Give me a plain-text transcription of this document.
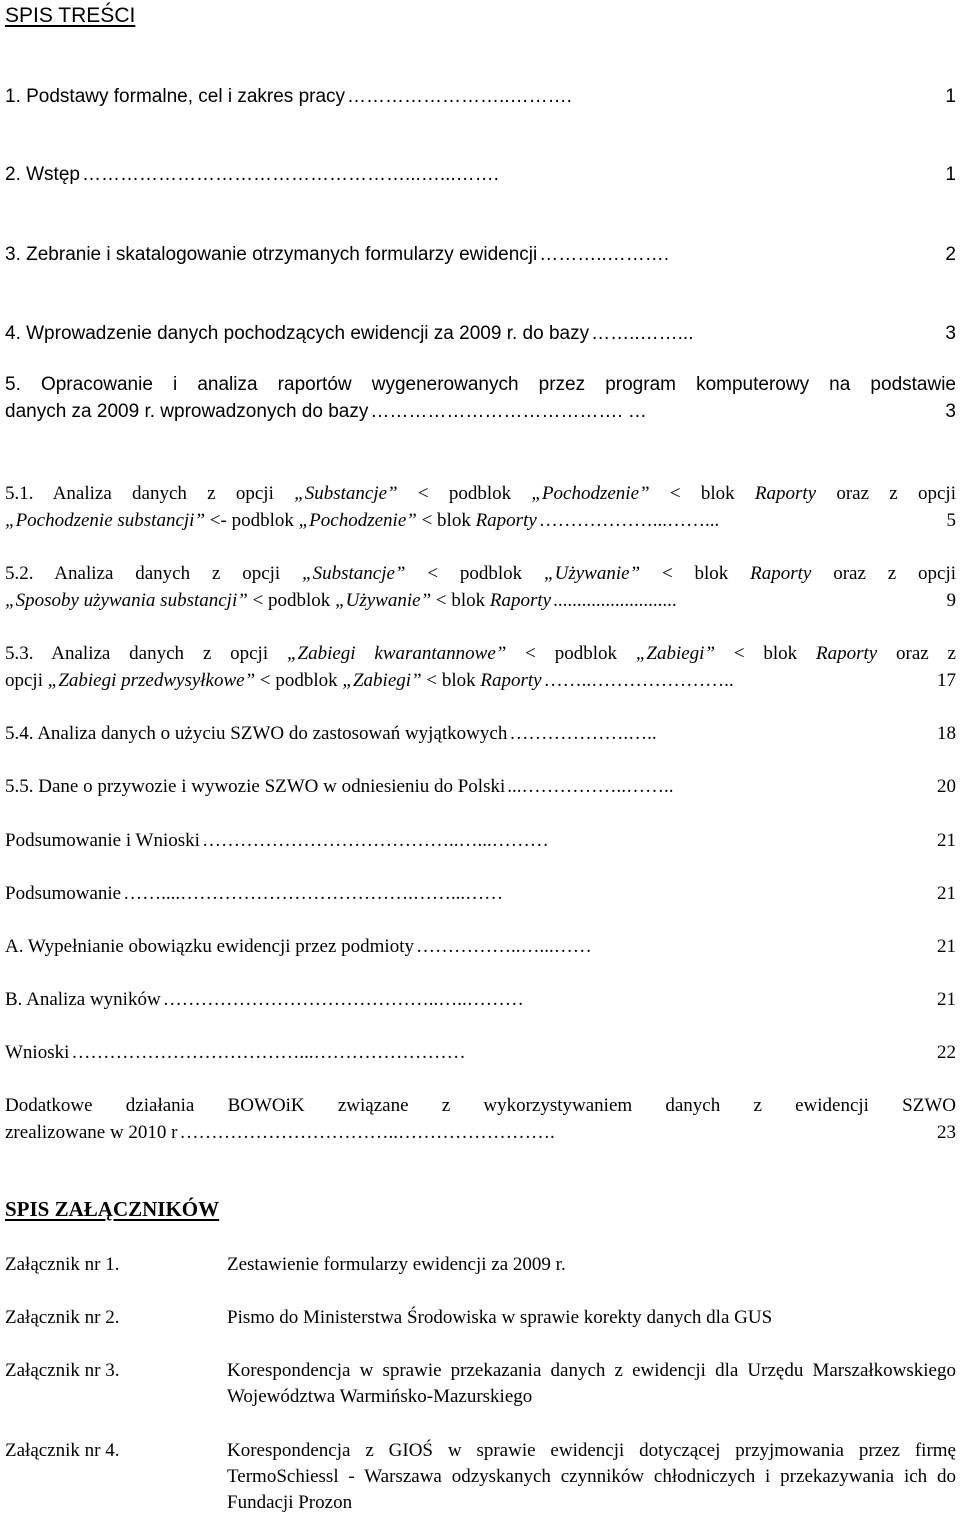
SPIS TREŚCI
1. Podstawy formalne, cel i zakres pracy ……………………..……….	1
2. Wstęp ……………………………………………...…...…….	1
3. Zebranie i skatalogowanie otrzymanych formularzy ewidencji ………..……….	2
4. Wprowadzenie danych pochodzących ewidencji za 2009 r. do bazy ……..……...	3
5. Opracowanie i analiza raportów wygenerowanych przez program komputerowy na podstawie
danych za 2009 r. wprowadzonych do bazy …………………………………. …	3
5.1. Analiza danych z opcji „Substancje” < podblok „Pochodzenie” < blok Raporty oraz z opcji
„Pochodzenie substancji” <- podblok „Pochodzenie” < blok Raporty ………………...……...	5
5.2. Analiza danych z opcji „Substancje” < podblok „Używanie” < blok Raporty oraz z opcji
„Sposoby używania substancji” < podblok „Używanie” < blok Raporty ..........................	9
5.3. Analiza danych z opcji „Zabiegi kwarantannowe” < podblok „Zabiegi” < blok Raporty oraz z
opcji „Zabiegi przedwysyłkowe” < podblok „Zabiegi” < blok Raporty ……..…………………..	17
5.4. Analiza danych o użyciu SZWO do zastosowań wyjątkowych ……………….…..	18
5.5. Dane o przywozie i wywozie SZWO w odniesieniu do Polski ...……………..……..	20
Podsumowanie i Wnioski …………………………………..…...………	21
Podsumowanie ……....……………………………….……...……	21
A. Wypełnianie obowiązku ewidencji przez podmioty ……………..…...……	21
B. Analiza wyników ……………………………………..…..………	21
Wnioski ………………………………...……………………	22
Dodatkowe działania BOWOiK związane z wykorzystywaniem danych z ewidencji SZWO
zrealizowane w 2010 r ……………………………..…………………….	23
SPIS ZAŁĄCZNIKÓW
Załącznik nr 1.	Zestawienie formularzy ewidencji za 2009 r.
Załącznik nr 2.	Pismo do Ministerstwa Środowiska w sprawie korekty danych dla GUS
Załącznik nr 3.	Korespondencja w sprawie przekazania danych z ewidencji dla Urzędu Marszałkowskiego Województwa Warmińsko-Mazurskiego
Załącznik nr 4.	Korespondencja z GIOŚ w sprawie ewidencji dotyczącej przyjmowania przez firmę TermoSchiessl - Warszawa odzyskanych czynników chłodniczych i przekazywania ich do Fundacji Prozon
